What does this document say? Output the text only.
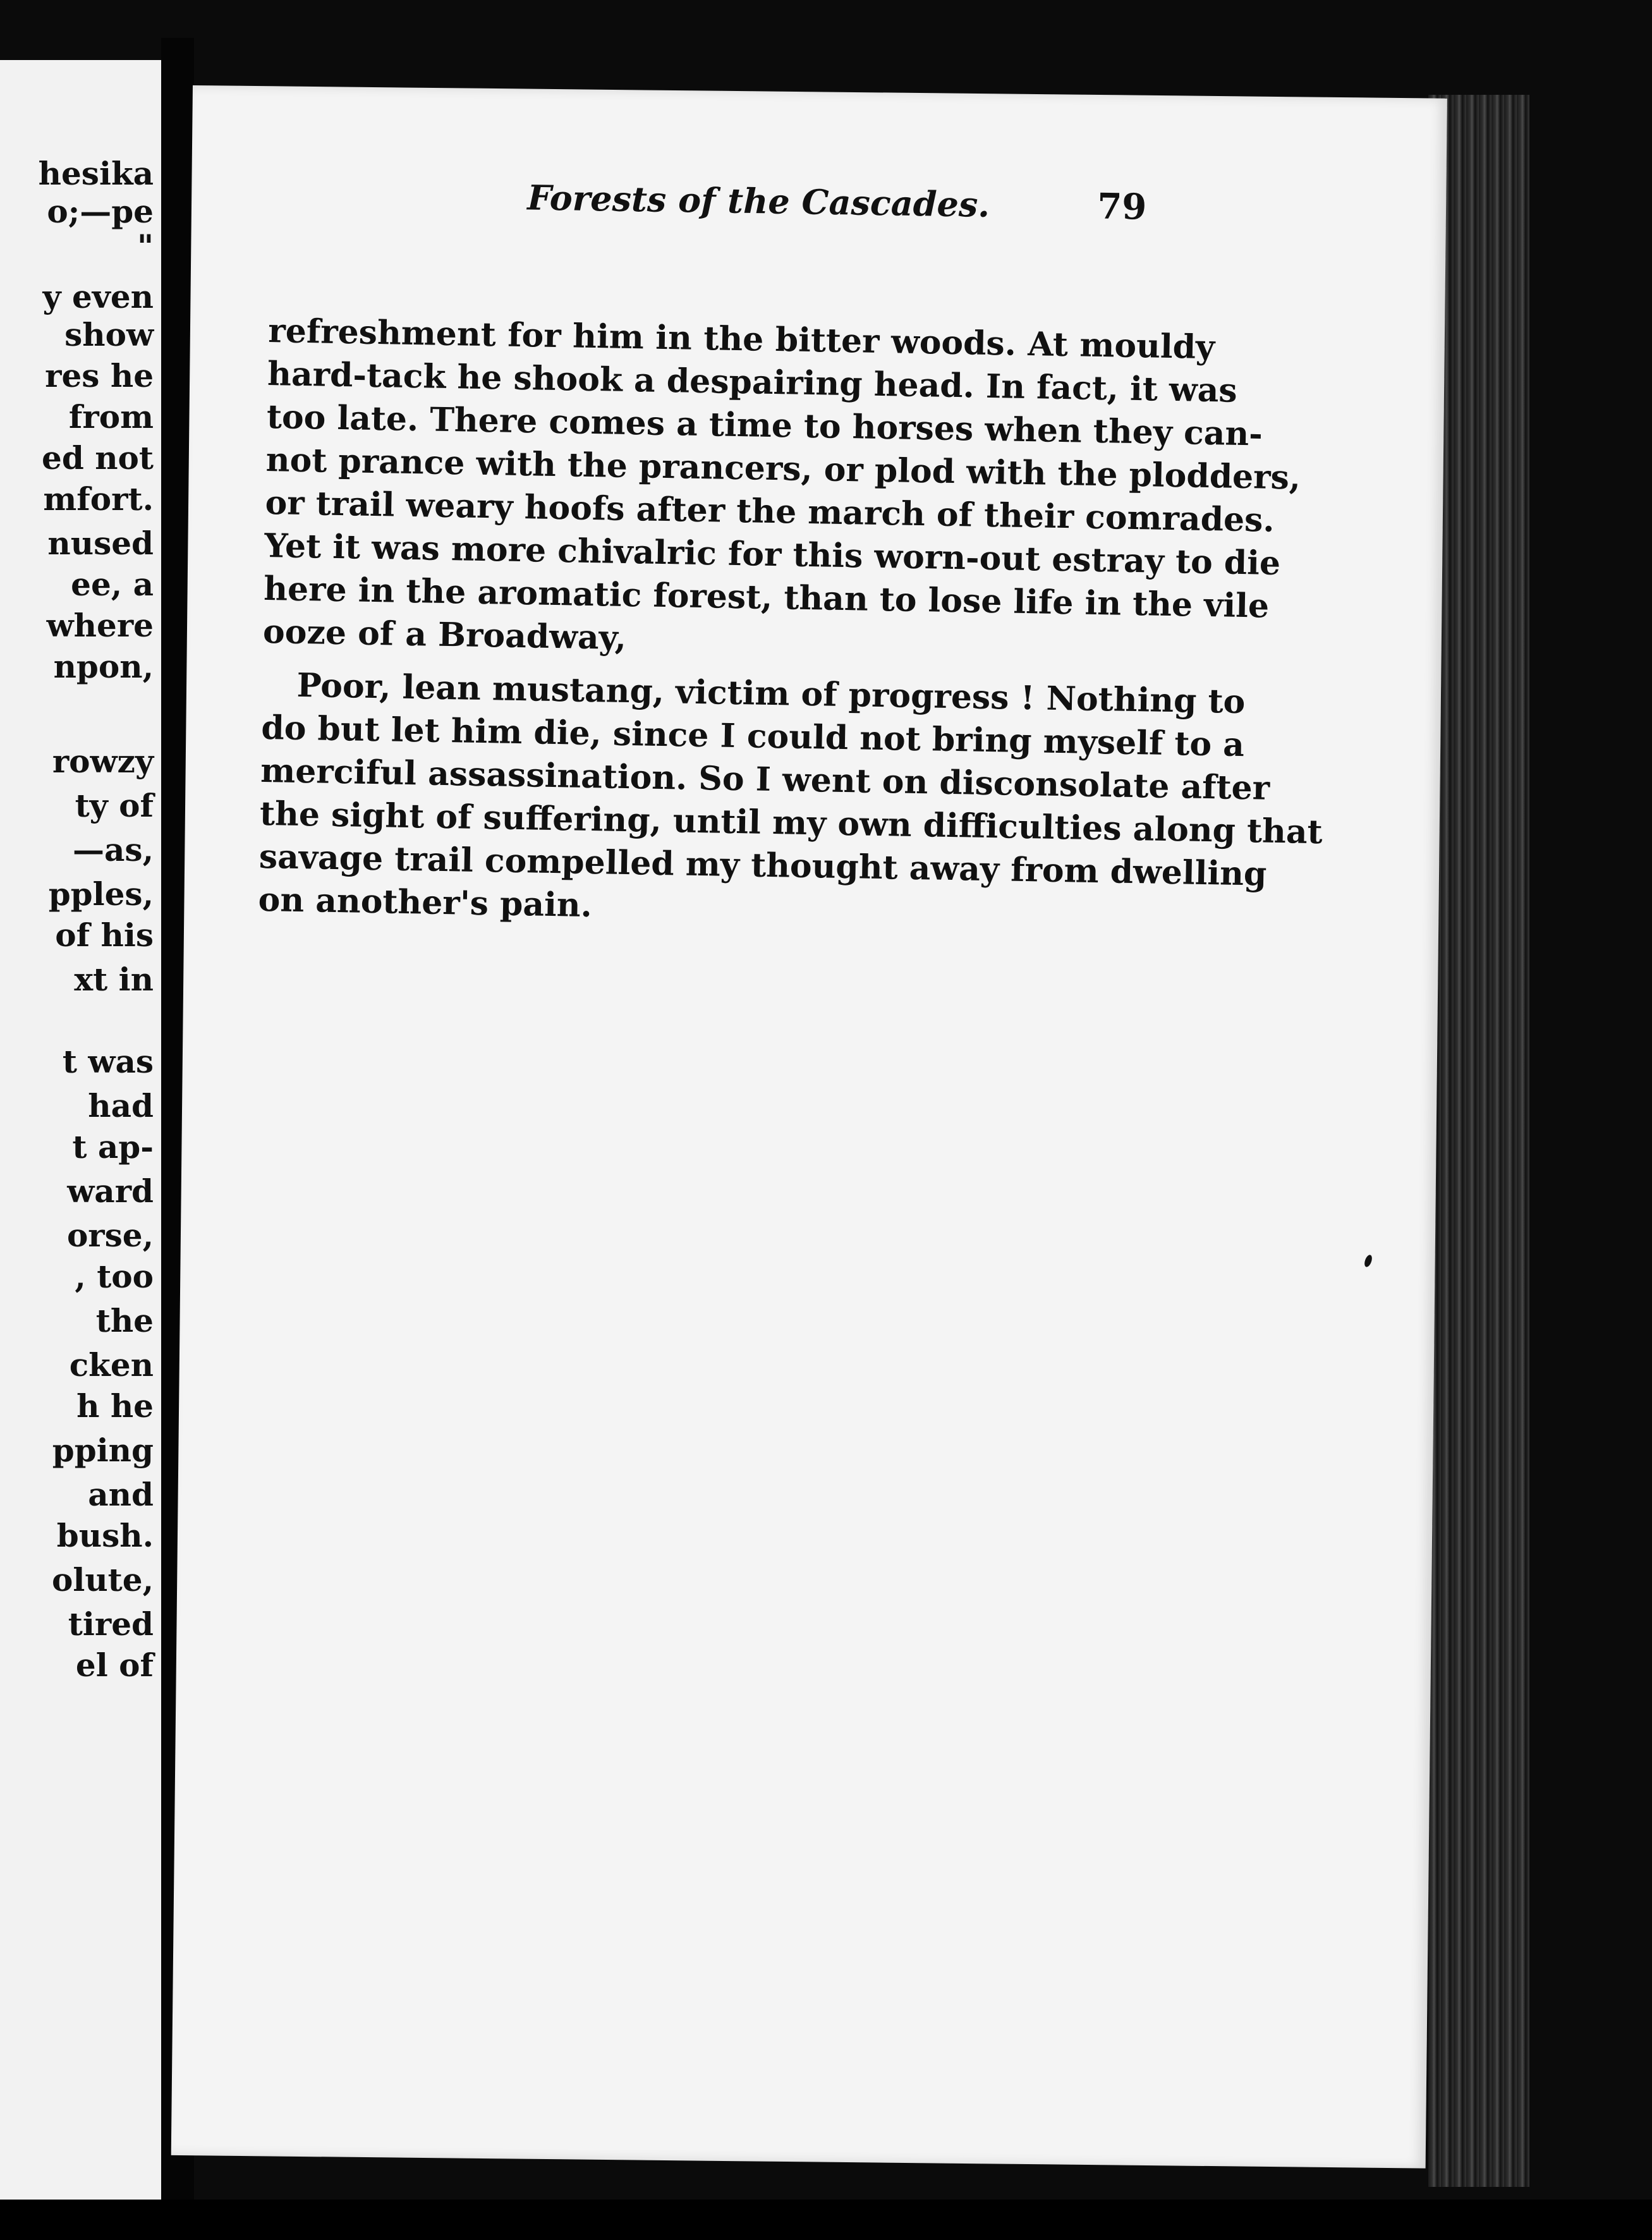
hesika
o;—pe
"
y even
show
res he
from
ed not
mfort.
nused
ee, a
where
npon,
rowzy
ty of
—as,
pples,
of his
xt in
t was
had
t ap-
ward
orse,
, too
the
cken
h he
pping
and
bush.
olute,
tired
el of
Forests of the Cascades.	79
refreshment for him in the bitter woods. At mouldy
hard-tack he shook a despairing head. In fact, it was
too late. There comes a time to horses when they can-
not prance with the prancers, or plod with the plodders,
or trail weary hoofs after the march of their comrades.
Yet it was more chivalric for this worn-out estray to die
here in the aromatic forest, than to lose life in the vile
ooze of a Broadway,
Poor, lean mustang, victim of progress ! Nothing to
do but let him die, since I could not bring myself to a
merciful assassination. So I went on disconsolate after
the sight of suffering, until my own difficulties along that
savage trail compelled my thought away from dwelling
on another's pain.
